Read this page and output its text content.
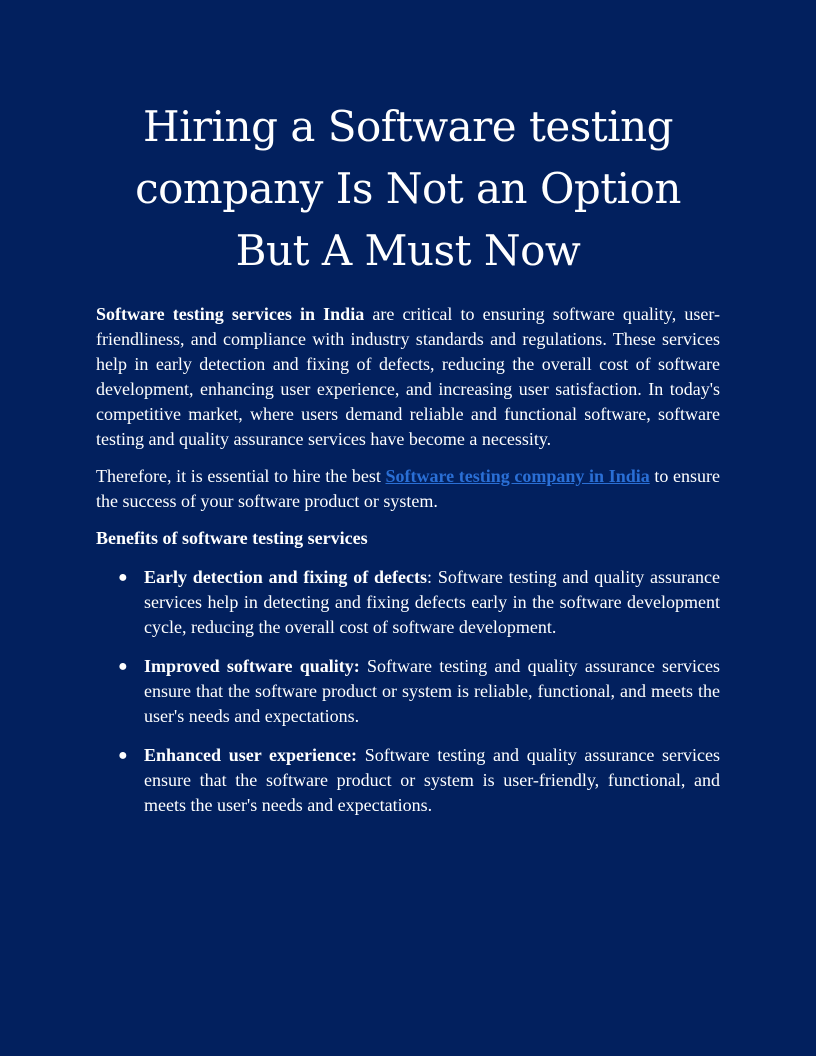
Hiring a Software testing company Is Not an Option But A Must Now

Software testing services in India are critical to ensuring software quality, user-friendliness, and compliance with industry standards and regulations. These services help in early detection and fixing of defects, reducing the overall cost of software development, enhancing user experience, and increasing user satisfaction. In today's competitive market, where users demand reliable and functional software, software testing and quality assurance services have become a necessity.

Therefore, it is essential to hire the best Software testing company in India to ensure the success of your software product or system.

Benefits of software testing services
● Early detection and fixing of defects: Software testing and quality assurance services help in detecting and fixing defects early in the software development cycle, reducing the overall cost of software development.
● Improved software quality: Software testing and quality assurance services ensure that the software product or system is reliable, functional, and meets the user's needs and expectations.
● Enhanced user experience: Software testing and quality assurance services ensure that the software product or system is user-friendly, functional, and meets the user's needs and expectations.
